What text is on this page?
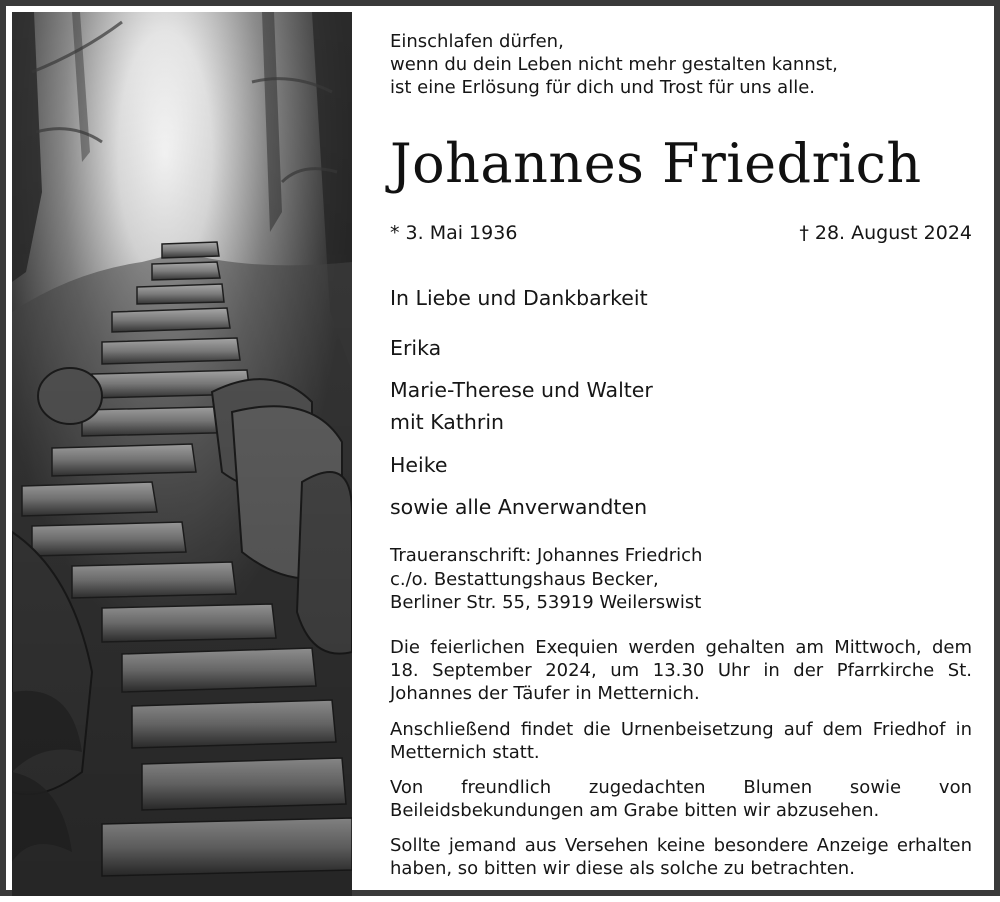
Einschlafen dürfen,
wenn du dein Leben nicht mehr gestalten kannst,
ist eine Erlösung für dich und Trost für uns alle.
Johannes Friedrich
* 3. Mai 1936	† 28. August 2024
In Liebe und Dankbarkeit
Erika
Marie-Therese und Walter
mit Kathrin
Heike
sowie alle Anverwandten
Traueranschrift: Johannes Friedrich
c./o. Bestattungshaus Becker,
Berliner Str. 55, 53919 Weilerswist
Die feierlichen Exequien werden gehalten am Mittwoch, dem 18. September 2024, um 13.30 Uhr in der Pfarrkirche St. Johannes der Täufer in Metternich.
Anschließend findet die Urnenbeisetzung auf dem Friedhof in Metternich statt.
Von freundlich zugedachten Blumen sowie von Beileidsbekundungen am Grabe bitten wir abzusehen.
Sollte jemand aus Versehen keine besondere Anzeige erhalten haben, so bitten wir diese als solche zu betrachten.
